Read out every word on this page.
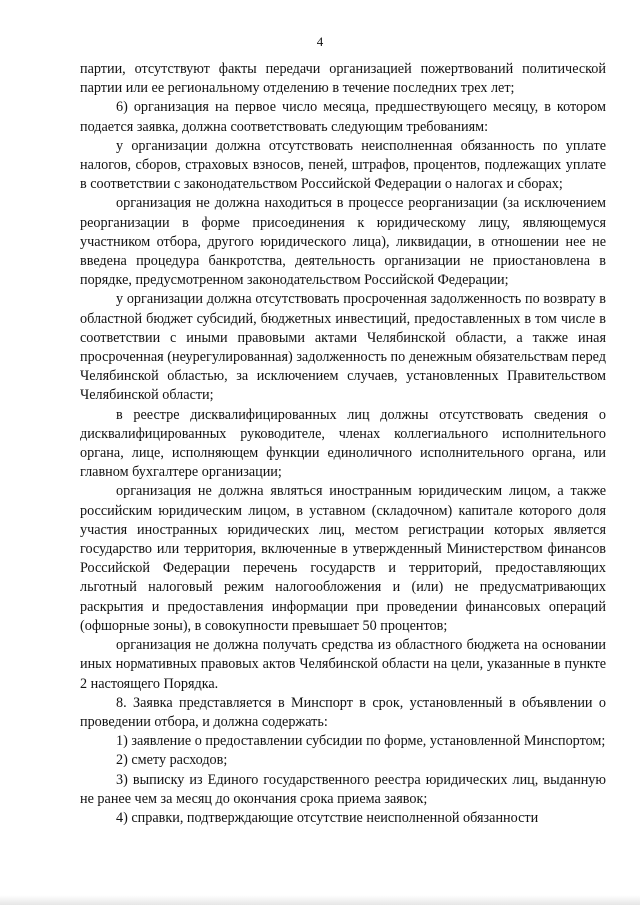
4

партии, отсутствуют факты передачи организацией пожертвований политической партии или ее региональному отделению в течение последних трех лет;

6) организация на первое число месяца, предшествующего месяцу, в котором подается заявка, должна соответствовать следующим требованиям:

у организации должна отсутствовать неисполненная обязанность по уплате налогов, сборов, страховых взносов, пеней, штрафов, процентов, подлежащих уплате в соответствии с законодательством Российской Федерации о налогах и сборах;

организация не должна находиться в процессе реорганизации (за исключением реорганизации в форме присоединения к юридическому лицу, являющемуся участником отбора, другого юридического лица), ликвидации, в отношении нее не введена процедура банкротства, деятельность организации не приостановлена в порядке, предусмотренном законодательством Российской Федерации;

у организации должна отсутствовать просроченная задолженность по возврату в областной бюджет субсидий, бюджетных инвестиций, предоставленных в том числе в соответствии с иными правовыми актами Челябинской области, а также иная просроченная (неурегулированная) задолженность по денежным обязательствам перед Челябинской областью, за исключением случаев, установленных Правительством Челябинской области;

в реестре дисквалифицированных лиц должны отсутствовать сведения о дисквалифицированных руководителе, членах коллегиального исполнительного органа, лице, исполняющем функции единоличного исполнительного органа, или главном бухгалтере организации;

организация не должна являться иностранным юридическим лицом, а также российским юридическим лицом, в уставном (складочном) капитале которого доля участия иностранных юридических лиц, местом регистрации которых является государство или территория, включенные в утвержденный Министерством финансов Российской Федерации перечень государств и территорий, предоставляющих льготный налоговый режим налогообложения и (или) не предусматривающих раскрытия и предоставления информации при проведении финансовых операций (офшорные зоны), в совокупности превышает 50 процентов;

организация не должна получать средства из областного бюджета на основании иных нормативных правовых актов Челябинской области на цели, указанные в пункте 2 настоящего Порядка.

8. Заявка представляется в Минспорт в срок, установленный в объявлении о проведении отбора, и должна содержать:

1) заявление о предоставлении субсидии по форме, установленной Минспортом;

2) смету расходов;

3) выписку из Единого государственного реестра юридических лиц, выданную не ранее чем за месяц до окончания срока приема заявок;

4) справки, подтверждающие отсутствие неисполненной обязанности
